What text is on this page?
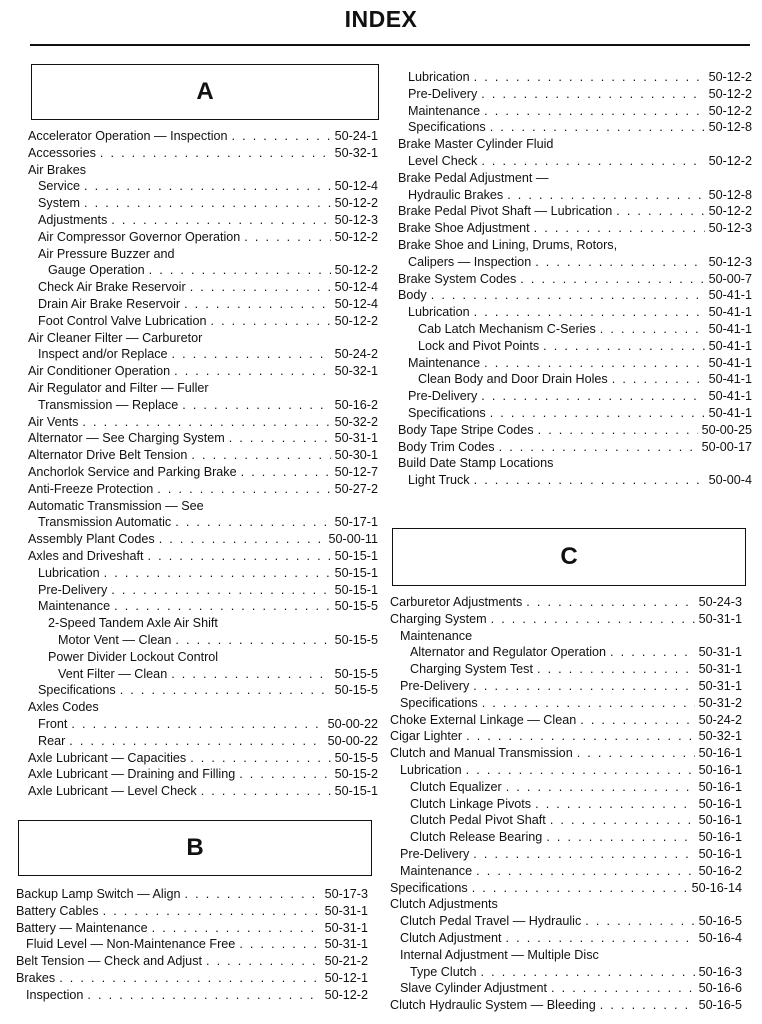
INDEX
A
B
C
Accelerator Operation — Inspection . . .	50-24-1
Accessories . . .	50-32-1
Air Brakes
Service . . .	50-12-4
System . . .	50-12-2
Adjustments . . .	50-12-3
Air Compressor Governor Operation . . .	50-12-2
Air Pressure Buzzer and
Gauge Operation . . .	50-12-2
Check Air Brake Reservoir . . .	50-12-4
Drain Air Brake Reservoir . . .	50-12-4
Foot Control Valve Lubrication . . .	50-12-2
Air Cleaner Filter — Carburetor
Inspect and/or Replace . . .	50-24-2
Air Conditioner Operation . . .	50-32-1
Air Regulator and Filter — Fuller
Transmission — Replace . . .	50-16-2
Air Vents . . .	50-32-2
Alternator — See Charging System . . .	50-31-1
Alternator Drive Belt Tension . . .	50-30-1
Anchorlok Service and Parking Brake . . .	50-12-7
Anti-Freeze Protection . . .	50-27-2
Automatic Transmission — See
Transmission Automatic . . .	50-17-1
Assembly Plant Codes . . .	50-00-11
Axles and Driveshaft . . .	50-15-1
Lubrication . . .	50-15-1
Pre-Delivery . . .	50-15-1
Maintenance . . .	50-15-5
2-Speed Tandem Axle Air Shift
Motor Vent — Clean . . .	50-15-5
Power Divider Lockout Control
Vent Filter — Clean . . .	50-15-5
Specifications . . .	50-15-5
Axles Codes
Front . . .	50-00-22
Rear . . .	50-00-22
Axle Lubricant — Capacities . . .	50-15-5
Axle Lubricant — Draining and Filling . . .	50-15-2
Axle Lubricant — Level Check . . .	50-15-1
Backup Lamp Switch — Align . . .	50-17-3
Battery Cables . . .	50-31-1
Battery — Maintenance . . .	50-31-1
Fluid Level — Non-Maintenance Free . . .	50-31-1
Belt Tension — Check and Adjust . . .	50-21-2
Brakes . . .	50-12-1
Inspection . . .	50-12-2
Lubrication . . .	50-12-2
Pre-Delivery . . .	50-12-2
Maintenance . . .	50-12-2
Specifications . . .	50-12-8
Brake Master Cylinder Fluid
Level Check . . .	50-12-2
Brake Pedal Adjustment —
Hydraulic Brakes . . .	50-12-8
Brake Pedal Pivot Shaft — Lubrication . . .	50-12-2
Brake Shoe Adjustment . . .	50-12-3
Brake Shoe and Lining, Drums, Rotors,
Calipers — Inspection . . .	50-12-3
Brake System Codes . . .	50-00-7
Body . . .	50-41-1
Lubrication . . .	50-41-1
Cab Latch Mechanism C-Series . . .	50-41-1
Lock and Pivot Points . . .	50-41-1
Maintenance . . .	50-41-1
Clean Body and Door Drain Holes . . .	50-41-1
Pre-Delivery . . .	50-41-1
Specifications . . .	50-41-1
Body Tape Stripe Codes . . .	50-00-25
Body Trim Codes . . .	50-00-17
Build Date Stamp Locations
Light Truck . . .	50-00-4
Carburetor Adjustments . . .	50-24-3
Charging System . . .	50-31-1
Maintenance
Alternator and Regulator Operation . . .	50-31-1
Charging System Test . . .	50-31-1
Pre-Delivery . . .	50-31-1
Specifications . . .	50-31-2
Choke External Linkage — Clean . . .	50-24-2
Cigar Lighter . . .	50-32-1
Clutch and Manual Transmission . . .	50-16-1
Lubrication . . .	50-16-1
Clutch Equalizer . . .	50-16-1
Clutch Linkage Pivots . . .	50-16-1
Clutch Pedal Pivot Shaft . . .	50-16-1
Clutch Release Bearing . . .	50-16-1
Pre-Delivery . . .	50-16-1
Maintenance . . .	50-16-2
Specifications . . .	50-16-14
Clutch Adjustments
Clutch Pedal Travel — Hydraulic . . .	50-16-5
Clutch Adjustment . . .	50-16-4
Internal Adjustment — Multiple Disc
Type Clutch . . .	50-16-3
Slave Cylinder Adjustment . . .	50-16-6
Clutch Hydraulic System — Bleeding . . .	50-16-5
